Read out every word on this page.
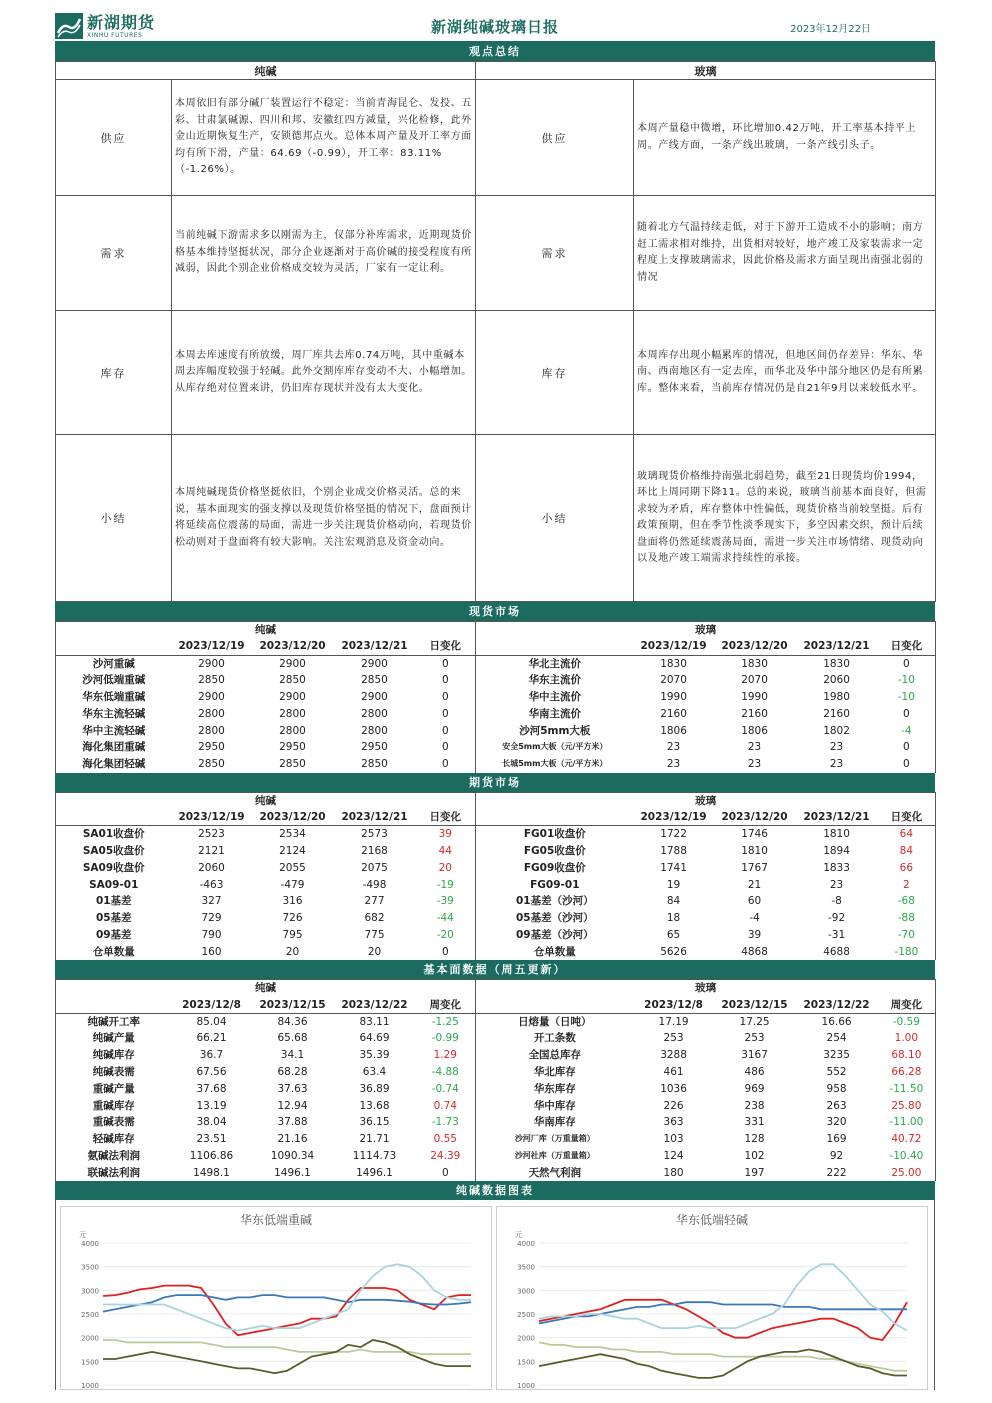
新湖期货
XINHU FUTURES	新湖纯碱玻璃日报	2023年12月22日
观点总结
纯碱		玻璃	
供应	本周依旧有部分碱厂装置运行不稳定：当前青海昆仑、发投、五彩、甘肃氯碱源、四川和邦、安徽红四方减量，兴化检修，此外金山近期恢复生产，安锁德邦点火。总体本周产量及开工率方面均有所下滑，产量：64.69（-0.99），开工率：83.11%（-1.26%）。	供应	本周产量稳中微增，环比增加0.42万吨，开工率基本持平上周。产线方面，一条产线出玻璃，一条产线引头子。
需求	当前纯碱下游需求多以刚需为主，仅部分补库需求，近期现货价格基本维持坚挺状况，部分企业逐渐对于高价碱的接受程度有所减弱，因此个别企业价格成交较为灵活，厂家有一定让利。	需求	随着北方气温持续走低，对于下游开工造成不小的影响；南方赶工需求相对维持，出货相对较好，地产竣工及家装需求一定程度上支撑玻璃需求，因此价格及需求方面呈现出南强北弱的情况
库存	本周去库速度有所放缓，周厂库共去库0.74万吨，其中重碱本周去库幅度较强于轻碱。此外交割库库存变动不大、小幅增加。从库存绝对位置来讲，仍旧库存现状并没有太大变化。	库存	本周库存出现小幅累库的情况，但地区间仍存差异：华东、华南、西南地区有一定去库，而华北及华中部分地区仍是有所累库。整体来看，当前库存情况仍是自21年9月以来较低水平。
小结	本周纯碱现货价格坚挺依旧，个别企业成交价格灵活。总的来说，基本面现实的强支撑以及现货价格坚挺的情况下，盘面预计将延续高位震荡的局面，需进一步关注现货价格动向，若现货价松动则对于盘面将有较大影响。关注宏观消息及资金动向。	小结	玻璃现货价格维持南强北弱趋势，截至21日现货均价1994，环比上周同期下降11。总的来说，玻璃当前基本面良好，但需求较为矛盾，库存整体中性偏低，现货价格当前较坚挺。后有政策预期，但在季节性淡季现实下，多空因素交织，预计后续盘面将仍然延续震荡局面，需进一步关注市场情绪、现货动向以及地产竣工端需求持续性的承接。
现货市场
纯碱					玻璃				
	2023/12/19	2023/12/20	2023/12/21	日变化		2023/12/19	2023/12/20	2023/12/21	日变化
沙河重碱	2900	2900	2900	0	华北主流价	1830	1830	1830	0
沙河低端重碱	2850	2850	2850	0	华东主流价	2070	2070	2060	-10
华东低端重碱	2900	2900	2900	0	华中主流价	1990	1990	1980	-10
华东主流轻碱	2800	2800	2800	0	华南主流价	2160	2160	2160	0
华中主流轻碱	2800	2800	2800	0	沙河5mm大板	1806	1806	1802	-4
海化集团重碱	2950	2950	2950	0	安全5mm大板（元/平方米）	23	23	23	0
海化集团轻碱	2850	2850	2850	0	长城5mm大板（元/平方米）	23	23	23	0
期货市场
纯碱					玻璃				
	2023/12/19	2023/12/20	2023/12/21	日变化		2023/12/19	2023/12/20	2023/12/21	日变化
SA01收盘价	2523	2534	2573	39	FG01收盘价	1722	1746	1810	64
SA05收盘价	2121	2124	2168	44	FG05收盘价	1788	1810	1894	84
SA09收盘价	2060	2055	2075	20	FG09收盘价	1741	1767	1833	66
SA09-01	-463	-479	-498	-19	FG09-01	19	21	23	2
01基差	327	316	277	-39	01基差（沙河）	84	60	-8	-68
05基差	729	726	682	-44	05基差（沙河）	18	-4	-92	-88
09基差	790	795	775	-20	09基差（沙河）	65	39	-31	-70
仓单数量	160	20	20	0	仓单数量	5626	4868	4688	-180
基本面数据（周五更新）
纯碱					玻璃				
	2023/12/8	2023/12/15	2023/12/22	周变化		2023/12/8	2023/12/15	2023/12/22	周变化
纯碱开工率	85.04	84.36	83.11	-1.25	日熔量（日吨）	17.19	17.25	16.66	-0.59
纯碱产量	66.21	65.68	64.69	-0.99	开工条数	253	253	254	1.00
纯碱库存	36.7	34.1	35.39	1.29	全国总库存	3288	3167	3235	68.10
纯碱表需	67.56	68.28	63.4	-4.88	华北库存	461	486	552	66.28
重碱产量	37.68	37.63	36.89	-0.74	华东库存	1036	969	958	-11.50
重碱库存	13.19	12.94	13.68	0.74	华中库存	226	238	263	25.80
重碱表需	38.04	37.88	36.15	-1.73	华南库存	363	331	320	-11.00
轻碱库存	23.51	21.16	21.71	0.55	沙河厂库（万重量箱）	103	128	169	40.72
氨碱法利润	1106.86	1090.34	1114.73	24.39	沙河社库（万重量箱）	124	102	92	-10.40
联碱法利润	1498.1	1496.1	1496.1	0	天然气利润	180	197	222	25.00
纯碱数据图表
华东低端重碱
元
4000
3500
3000
2500
2000
1500
1000
华东低端轻碱
元
4000
3500
3000
2500
2000
1500
1000
